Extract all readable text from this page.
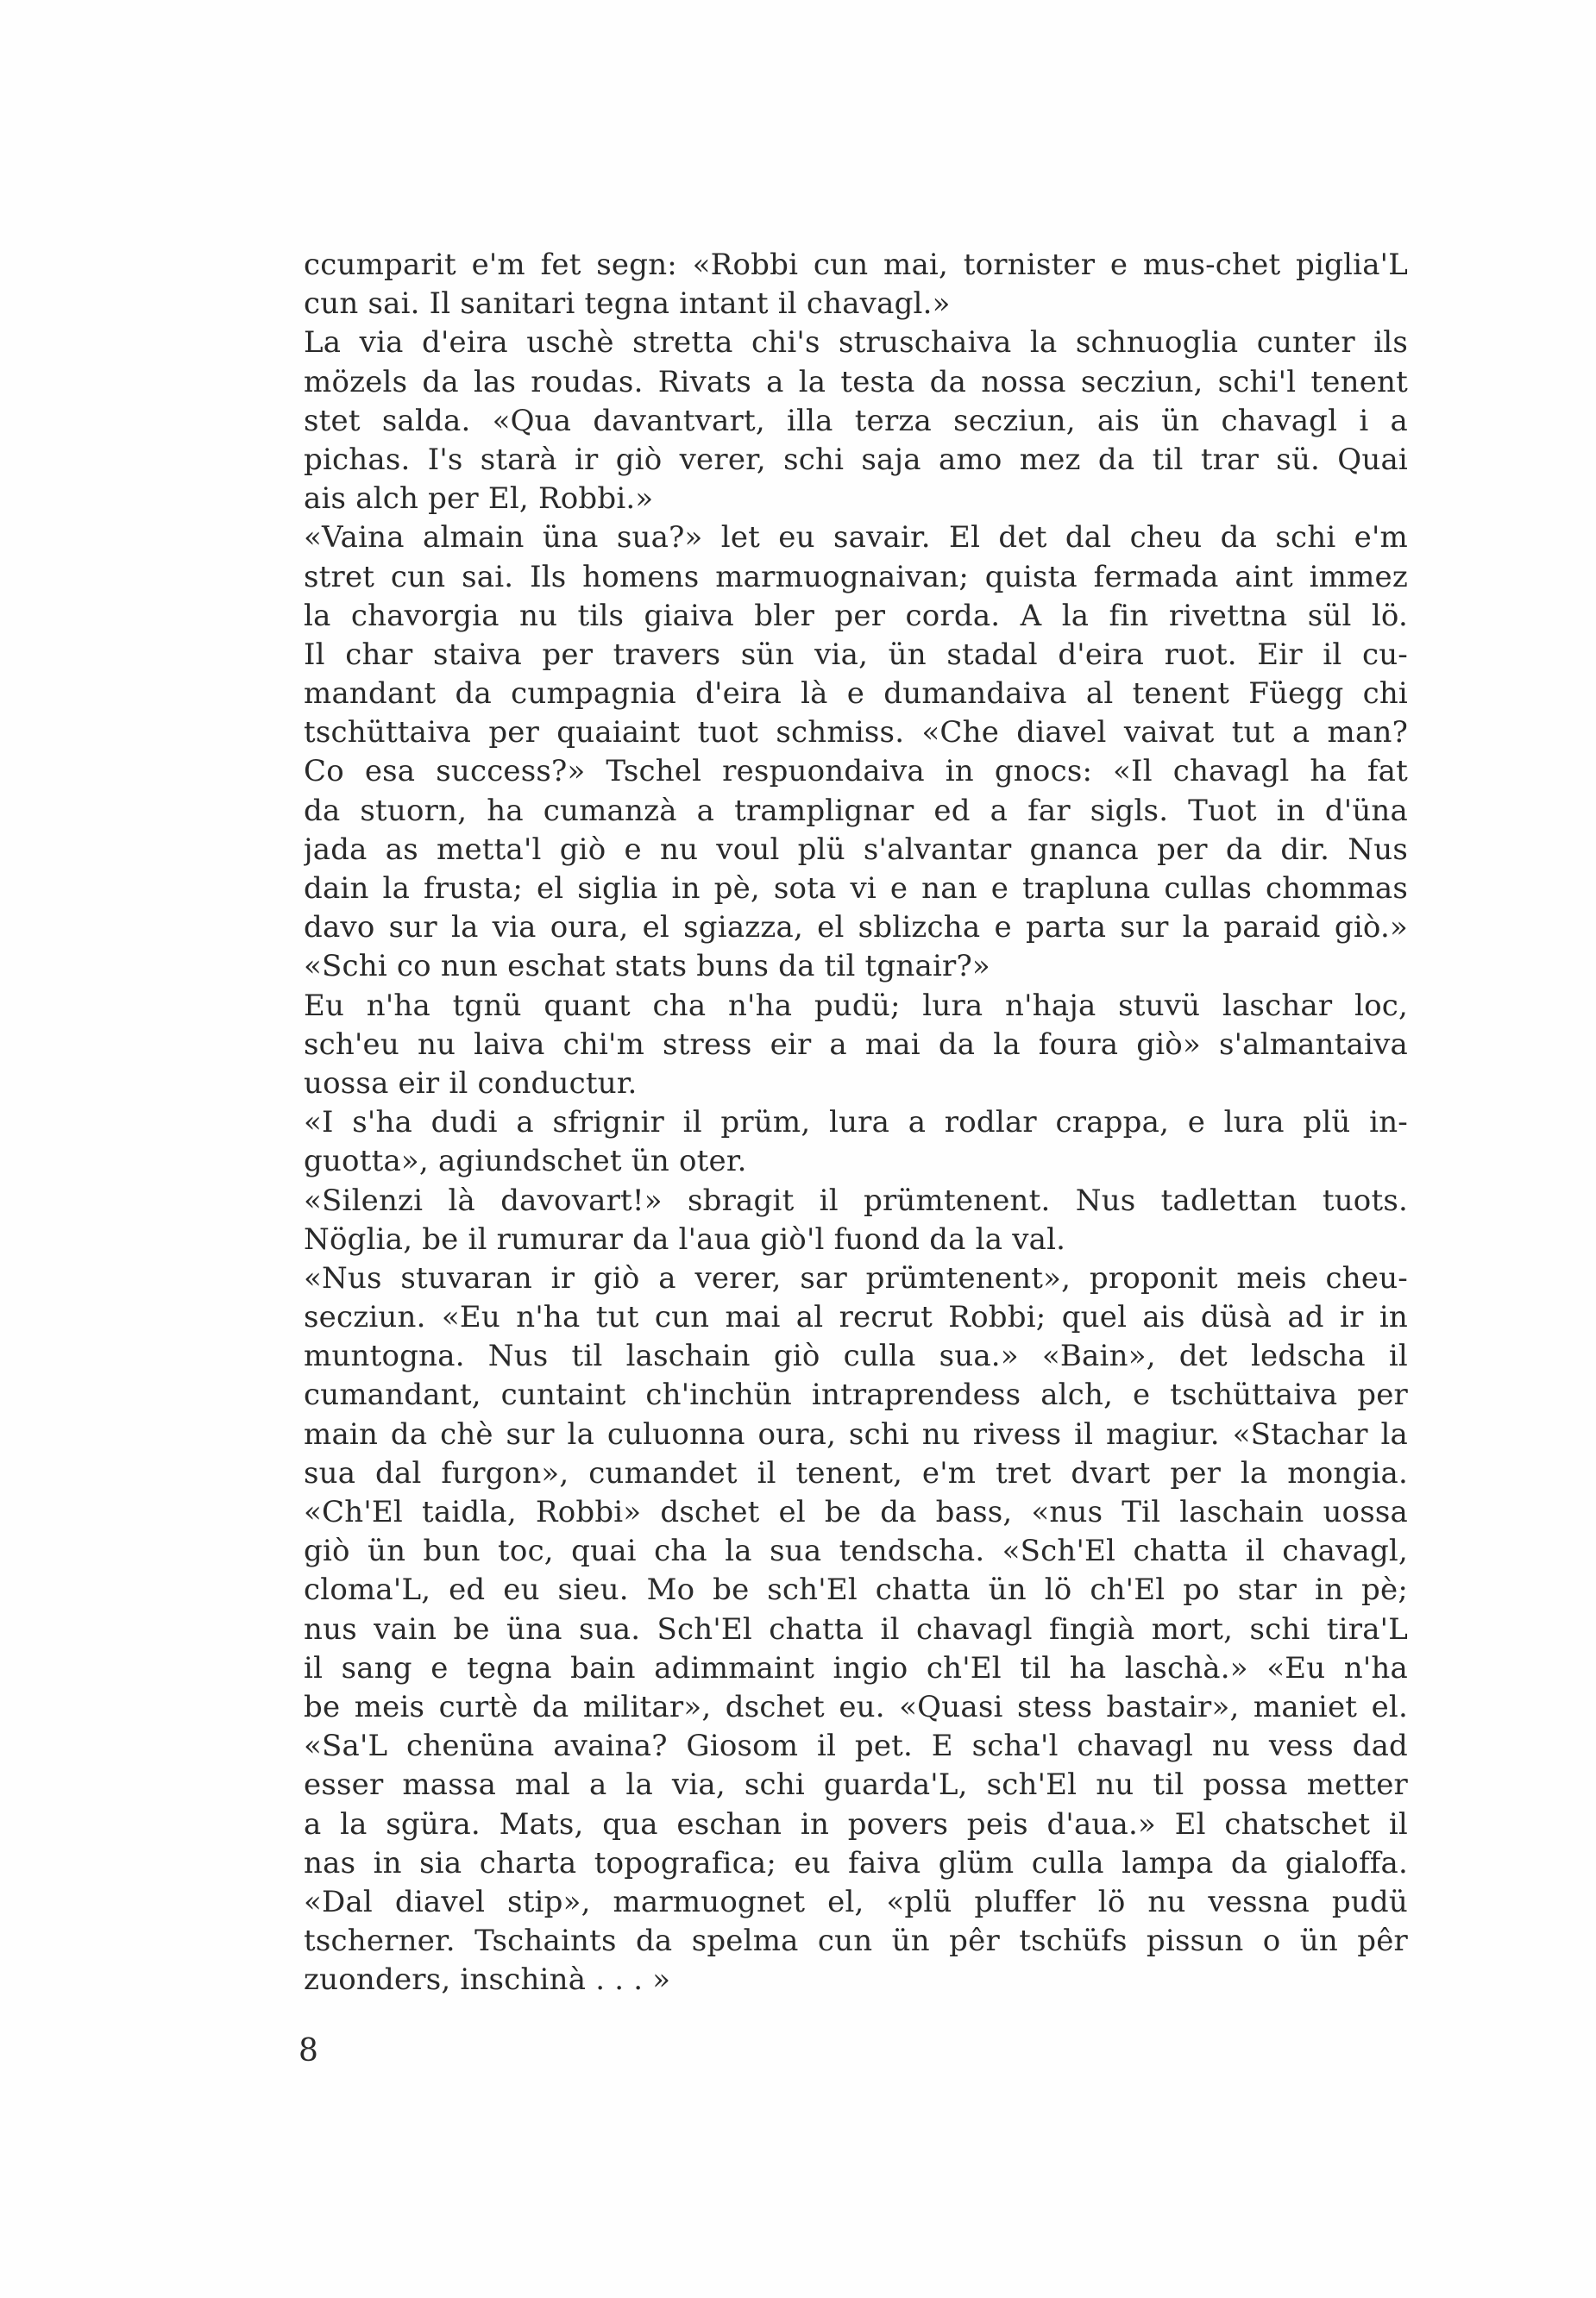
ccumparit e'm fet segn: «Robbi cun mai, tornister e mus-chet piglia'L
cun sai. Il sanitari tegna intant il chavagl.»
La via d'eira uschè stretta chi's struschaiva la schnuoglia cunter ils
mözels da las roudas. Rivats a la testa da nossa secziun, schi'l tenent
stet salda. «Qua davantvart, illa terza secziun, ais ün chavagl i a
pichas. I's starà ir giò verer, schi saja amo mez da til trar sü. Quai
ais alch per El, Robbi.»
«Vaina almain üna sua?» let eu savair. El det dal cheu da schi e'm
stret cun sai. Ils homens marmuognaivan; quista fermada aint immez
la chavorgia nu tils giaiva bler per corda. A la fin rivettna sül lö.
Il char staiva per travers sün via, ün stadal d'eira ruot. Eir il cu-
mandant da cumpagnia d'eira là e dumandaiva al tenent Füegg chi
tschüttaiva per quaiaint tuot schmiss. «Che diavel vaivat tut a man?
Co esa success?» Tschel respuondaiva in gnocs: «Il chavagl ha fat
da stuorn, ha cumanzà a tramplignar ed a far sigls. Tuot in d'üna
jada as metta'l giò e nu voul plü s'alvantar gnanca per da dir. Nus
dain la frusta; el siglia in pè, sota vi e nan e trapluna cullas chommas
davo sur la via oura, el sgiazza, el sblizcha e parta sur la paraid giò.»
«Schi co nun eschat stats buns da til tgnair?»
Eu n'ha tgnü quant cha n'ha pudü; lura n'haja stuvü laschar loc,
sch'eu nu laiva chi'm stress eir a mai da la foura giò» s'almantaiva
uossa eir il conductur.
«I s'ha dudi a sfrignir il prüm, lura a rodlar crappa, e lura plü in-
guotta», agiundschet ün oter.
«Silenzi là davovart!» sbragit il prümtenent. Nus tadlettan tuots.
Nöglia, be il rumurar da l'aua giò'l fuond da la val.
«Nus stuvaran ir giò a verer, sar prümtenent», proponit meis cheu-
secziun. «Eu n'ha tut cun mai al recrut Robbi; quel ais düsà ad ir in
muntogna. Nus til laschain giò culla sua.» «Bain», det ledscha il
cumandant, cuntaint ch'inchün intraprendess alch, e tschüttaiva per
main da chè sur la culuonna oura, schi nu rivess il magiur. «Stachar la
sua dal furgon», cumandet il tenent, e'm tret dvart per la mongia.
«Ch'El taidla, Robbi» dschet el be da bass, «nus Til laschain uossa
giò ün bun toc, quai cha la sua tendscha. «Sch'El chatta il chavagl,
cloma'L, ed eu sieu. Mo be sch'El chatta ün lö ch'El po star in pè;
nus vain be üna sua. Sch'El chatta il chavagl fingià mort, schi tira'L
il sang e tegna bain adimmaint ingio ch'El til ha laschà.» «Eu n'ha
be meis curtè da militar», dschet eu. «Quasi stess bastair», maniet el.
«Sa'L chenüna avaina? Giosom il pet. E scha'l chavagl nu vess dad
esser massa mal a la via, schi guarda'L, sch'El nu til possa metter
a la sgüra. Mats, qua eschan in povers peis d'aua.» El chatschet il
nas in sia charta topografica; eu faiva glüm culla lampa da gialoffa.
«Dal diavel stip», marmuognet el, «plü pluffer lö nu vessna pudü
tscherner. Tschaints da spelma cun ün pêr tschüfs pissun o ün pêr
zuonders, inschinà . . . »
8
